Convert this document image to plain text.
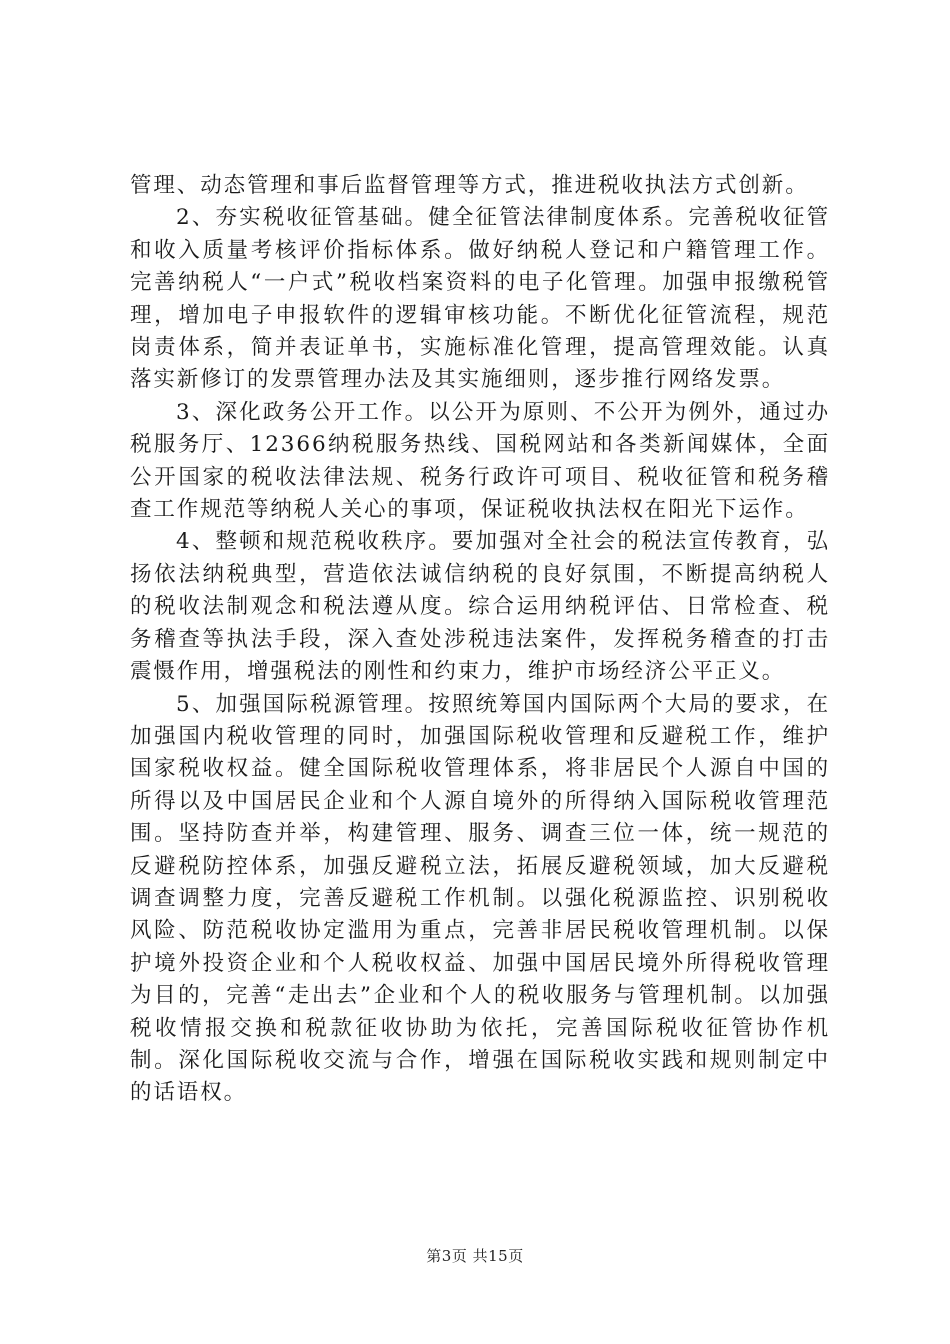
管理、动态管理和事后监督管理等方式，推进税收执法方式创新。

2、夯实税收征管基础。健全征管法律制度体系。完善税收征管和收入质量考核评价指标体系。做好纳税人登记和户籍管理工作。完善纳税人“一户式”税收档案资料的电子化管理。加强申报缴税管理，增加电子申报软件的逻辑审核功能。不断优化征管流程，规范岗责体系，简并表证单书，实施标准化管理，提高管理效能。认真落实新修订的发票管理办法及其实施细则，逐步推行网络发票。

3、深化政务公开工作。以公开为原则、不公开为例外，通过办税服务厅、12366纳税服务热线、国税网站和各类新闻媒体，全面公开国家的税收法律法规、税务行政许可项目、税收征管和税务稽查工作规范等纳税人关心的事项，保证税收执法权在阳光下运作。

4、整顿和规范税收秩序。要加强对全社会的税法宣传教育，弘扬依法纳税典型，营造依法诚信纳税的良好氛围，不断提高纳税人的税收法制观念和税法遵从度。综合运用纳税评估、日常检查、税务稽查等执法手段，深入查处涉税违法案件，发挥税务稽查的打击震慑作用，增强税法的刚性和约束力，维护市场经济公平正义。

5、加强国际税源管理。按照统筹国内国际两个大局的要求，在加强国内税收管理的同时，加强国际税收管理和反避税工作，维护国家税收权益。健全国际税收管理体系，将非居民个人源自中国的所得以及中国居民企业和个人源自境外的所得纳入国际税收管理范围。坚持防查并举，构建管理、服务、调查三位一体，统一规范的反避税防控体系，加强反避税立法，拓展反避税领域，加大反避税调查调整力度，完善反避税工作机制。以强化税源监控、识别税收风险、防范税收协定滥用为重点，完善非居民税收管理机制。以保护境外投资企业和个人税收权益、加强中国居民境外所得税收管理为目的，完善“走出去”企业和个人的税收服务与管理机制。以加强税收情报交换和税款征收协助为依托，完善国际税收征管协作机制。深化国际税收交流与合作，增强在国际税收实践和规则制定中的话语权。

第3页 共15页
